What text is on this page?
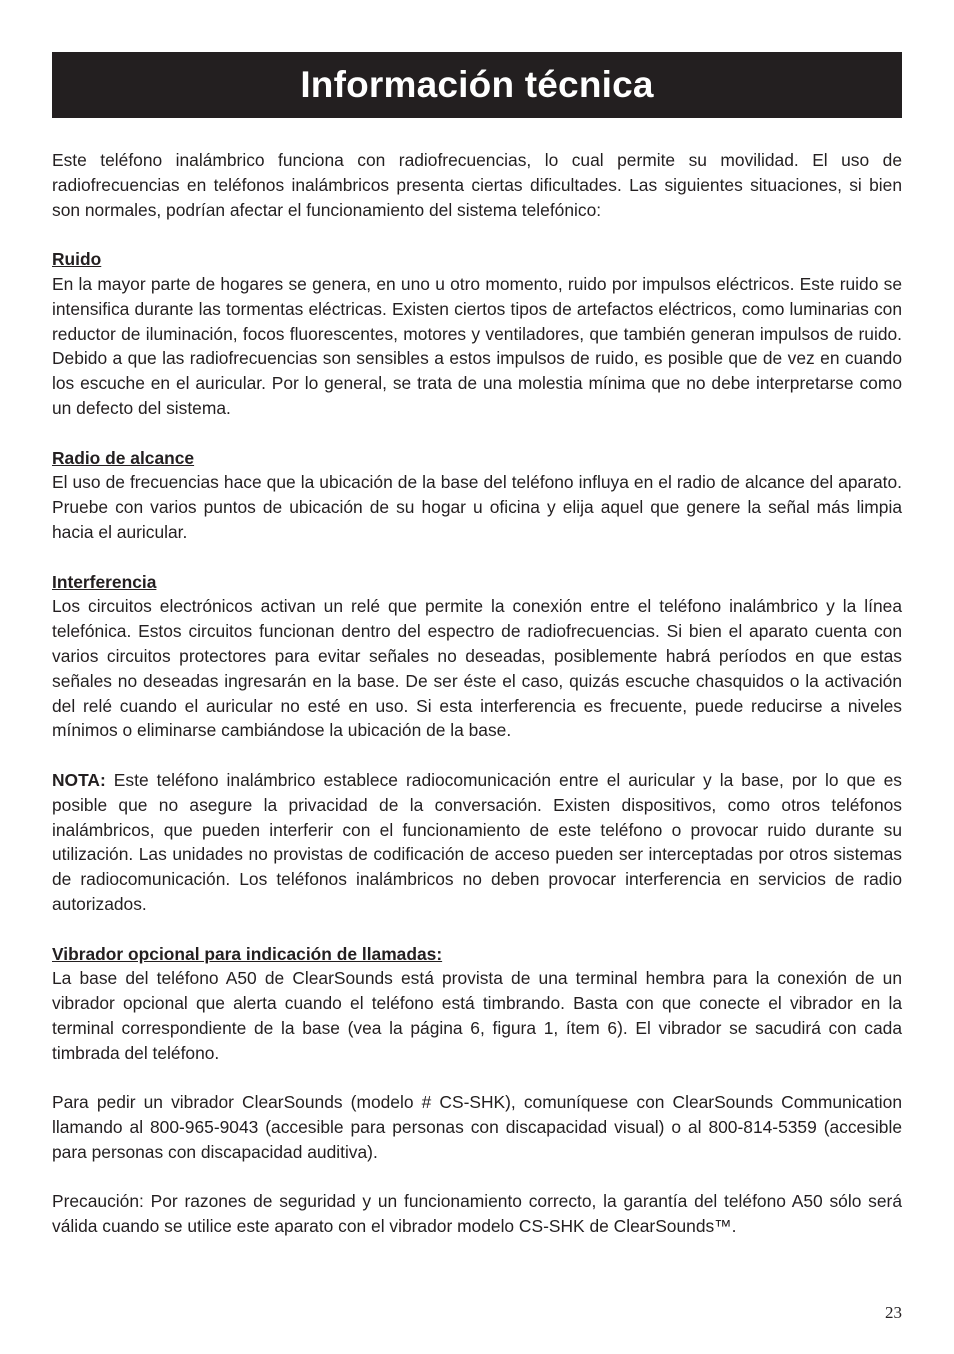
Información técnica

Este teléfono inalámbrico funciona con radiofrecuencias, lo cual permite su movilidad. El uso de radiofrecuencias en teléfonos inalámbricos presenta ciertas dificultades. Las siguientes situaciones, si bien son normales, podrían afectar el funcionamiento del sistema telefónico:

Ruido

En la mayor parte de hogares se genera, en uno u otro momento, ruido por impulsos eléctricos. Este ruido se intensifica durante las tormentas eléctricas. Existen ciertos tipos de artefactos eléctricos, como luminarias con reductor de iluminación, focos fluorescentes, motores y ventiladores, que también generan impulsos de ruido. Debido a que las radiofrecuencias son sensibles a estos impulsos de ruido, es posible que de vez en cuando los escuche en el auricular. Por lo general, se trata de una molestia mínima que no debe interpretarse como un defecto del sistema.

Radio de alcance

El uso de frecuencias hace que la ubicación de la base del teléfono influya en el radio de alcance del aparato. Pruebe con varios puntos de ubicación de su hogar u oficina y elija aquel que genere la señal más limpia hacia el auricular.

Interferencia

Los circuitos electrónicos activan un relé que permite la conexión entre el teléfono inalámbrico y la línea telefónica. Estos circuitos funcionan dentro del espectro de radiofrecuencias. Si bien el aparato cuenta con varios circuitos protectores para evitar señales no deseadas, posiblemente habrá períodos en que estas señales no deseadas ingresarán en la base. De ser éste el caso, quizás escuche chasquidos o la activación del relé cuando el auricular no esté en uso. Si esta interferencia es frecuente, puede reducirse a niveles mínimos o eliminarse cambiándose la ubicación de la base.

NOTA: Este teléfono inalámbrico establece radiocomunicación entre el auricular y la base, por lo que es posible que no asegure la privacidad de la conversación. Existen dispositivos, como otros teléfonos inalámbricos, que pueden interferir con el funcionamiento de este teléfono o provocar ruido durante su utilización. Las unidades no provistas de codificación de acceso pueden ser interceptadas por otros sistemas de radiocomunicación. Los teléfonos inalámbricos no deben provocar interferencia en servicios de radio autorizados.

Vibrador opcional para indicación de llamadas:

La base del teléfono A50 de ClearSounds está provista de una terminal hembra para la conexión de un vibrador opcional que alerta cuando el teléfono está timbrando. Basta con que conecte el vibrador en la terminal correspondiente de la base (vea la página 6, figura 1, ítem 6). El vibrador se sacudirá con cada timbrada del teléfono.

Para pedir un vibrador ClearSounds (modelo # CS-SHK), comuníquese con ClearSounds Communication llamando al 800-965-9043 (accesible para personas con discapacidad visual) o al 800-814-5359 (accesible para personas con discapacidad auditiva).

Precaución: Por razones de seguridad y un funcionamiento correcto, la garantía del teléfono A50 sólo será válida cuando se utilice este aparato con el vibrador modelo CS-SHK de ClearSounds™.

23
